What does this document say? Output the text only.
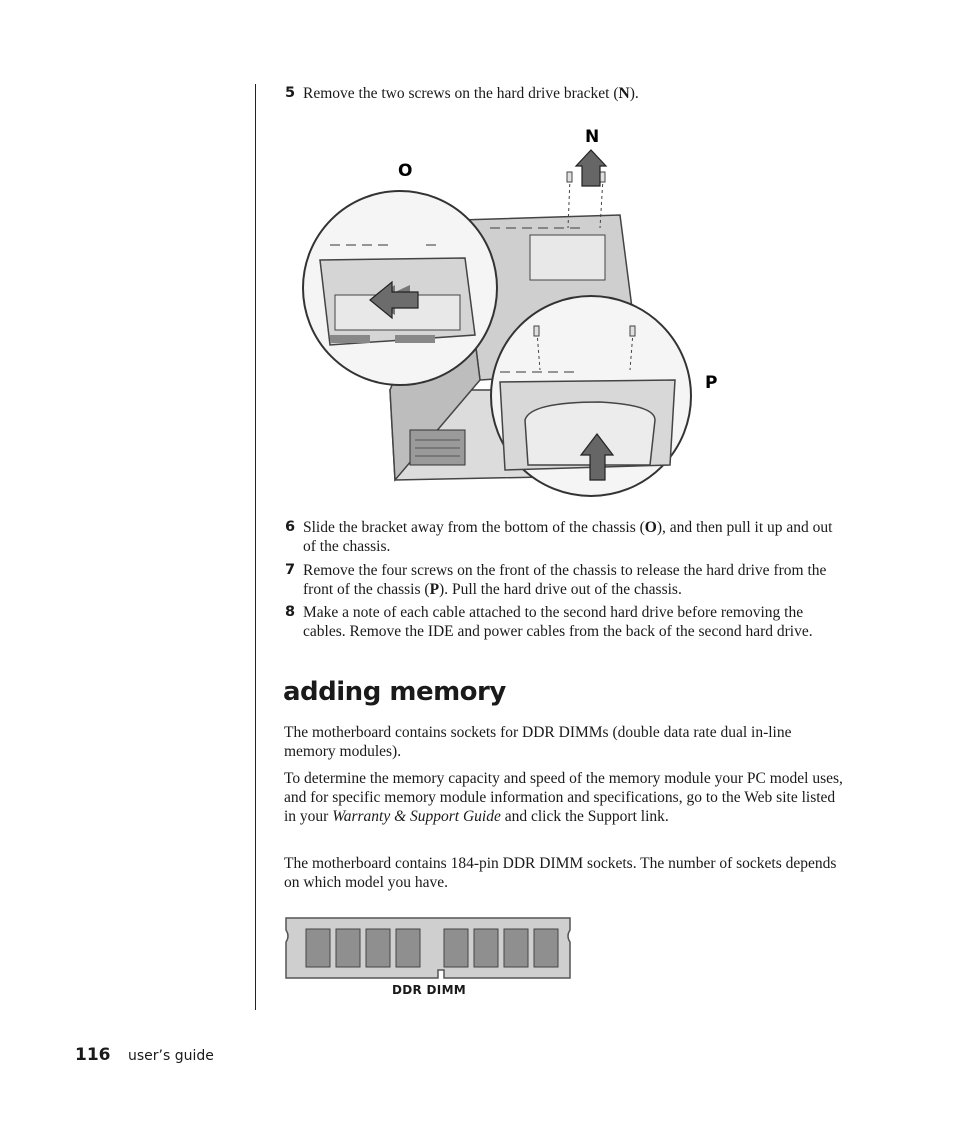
5 Remove the two screws on the hard drive bracket (N).
N
O
P
6 Slide the bracket away from the bottom of the chassis (O), and then pull it up and out of the chassis.
7 Remove the four screws on the front of the chassis to release the hard drive from the front of the chassis (P). Pull the hard drive out of the chassis.
8 Make a note of each cable attached to the second hard drive before removing the cables. Remove the IDE and power cables from the back of the second hard drive.
adding memory
The motherboard contains sockets for DDR DIMMs (double data rate dual in-line memory modules).
To determine the memory capacity and speed of the memory module your PC model uses, and for specific memory module information and specifications, go to the Web site listed in your Warranty & Support Guide and click the Support link.
The motherboard contains 184-pin DDR DIMM sockets. The number of sockets depends on which model you have.
DDR DIMM
116 user’s guide
